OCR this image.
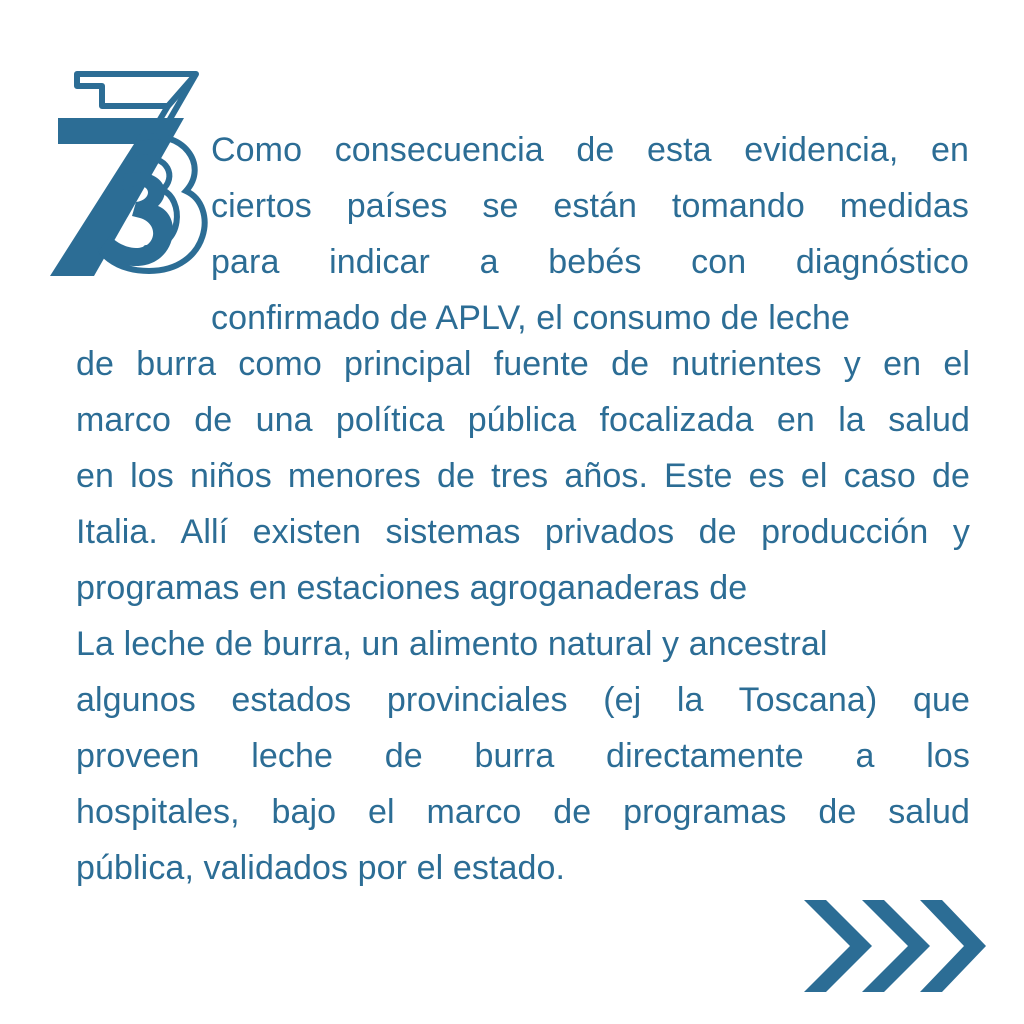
Como consecuencia de esta evidencia, en
ciertos países se están tomando medidas
para indicar a bebés con diagnóstico
confirmado de APLV, el consumo de leche
de burra como principal fuente de nutrientes y en el
marco de una política pública focalizada en la salud
en los niños menores de tres años. Este es el caso de
Italia. Allí existen sistemas privados de producción y
programas en estaciones agroganaderas de
La leche de burra, un alimento natural y ancestral
algunos estados provinciales (ej la Toscana) que
proveen leche de burra directamente a los
hospitales, bajo el marco de programas de salud
pública, validados por el estado.
